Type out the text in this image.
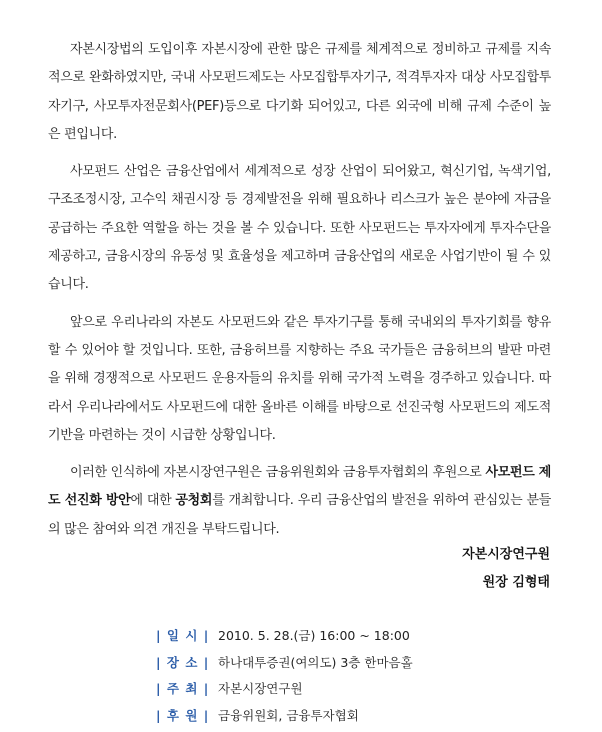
자본시장법의 도입이후 자본시장에 관한 많은 규제를 체계적으로 정비하고 규제를 지속적으로 완화하였지만, 국내 사모펀드제도는 사모집합투자기구, 적격투자자 대상 사모집합투자기구, 사모투자전문회사(PEF)등으로 다기화 되어있고, 다른 외국에 비해 규제 수준이 높은 편입니다.

사모펀드 산업은 금융산업에서 세계적으로 성장 산업이 되어왔고, 혁신기업, 녹색기업, 구조조정시장, 고수익 채권시장 등 경제발전을 위해 필요하나 리스크가 높은 분야에 자금을 공급하는 주요한 역할을 하는 것을 볼 수 있습니다. 또한 사모펀드는 투자자에게 투자수단을 제공하고, 금융시장의 유동성 및 효율성을 제고하며 금융산업의 새로운 사업기반이 될 수 있습니다.

앞으로 우리나라의 자본도 사모펀드와 같은 투자기구를 통해 국내외의 투자기회를 향유 할 수 있어야 할 것입니다. 또한, 금융허브를 지향하는 주요 국가들은 금융허브의 발판 마련을 위해 경쟁적으로 사모펀드 운용자들의 유치를 위해 국가적 노력을 경주하고 있습니다. 따라서 우리나라에서도 사모펀드에 대한 올바른 이해를 바탕으로 선진국형 사모펀드의 제도적 기반을 마련하는 것이 시급한 상황입니다.

이러한 인식하에 자본시장연구원은 금융위원회와 금융투자협회의 후원으로 사모펀드 제도 선진화 방안에 대한 공청회를 개최합니다. 우리 금융산업의 발전을 위하여 관심있는 분들의 많은 참여와 의견 개진을 부탁드립니다.

자본시장연구원
원장 김형태
| 일 시 | 2010. 5. 28.(금) 16:00 ~ 18:00
| 장 소 | 하나대투증권(여의도) 3층 한마음홀
| 주 최 | 자본시장연구원
| 후 원 | 금융위원회, 금융투자협회
